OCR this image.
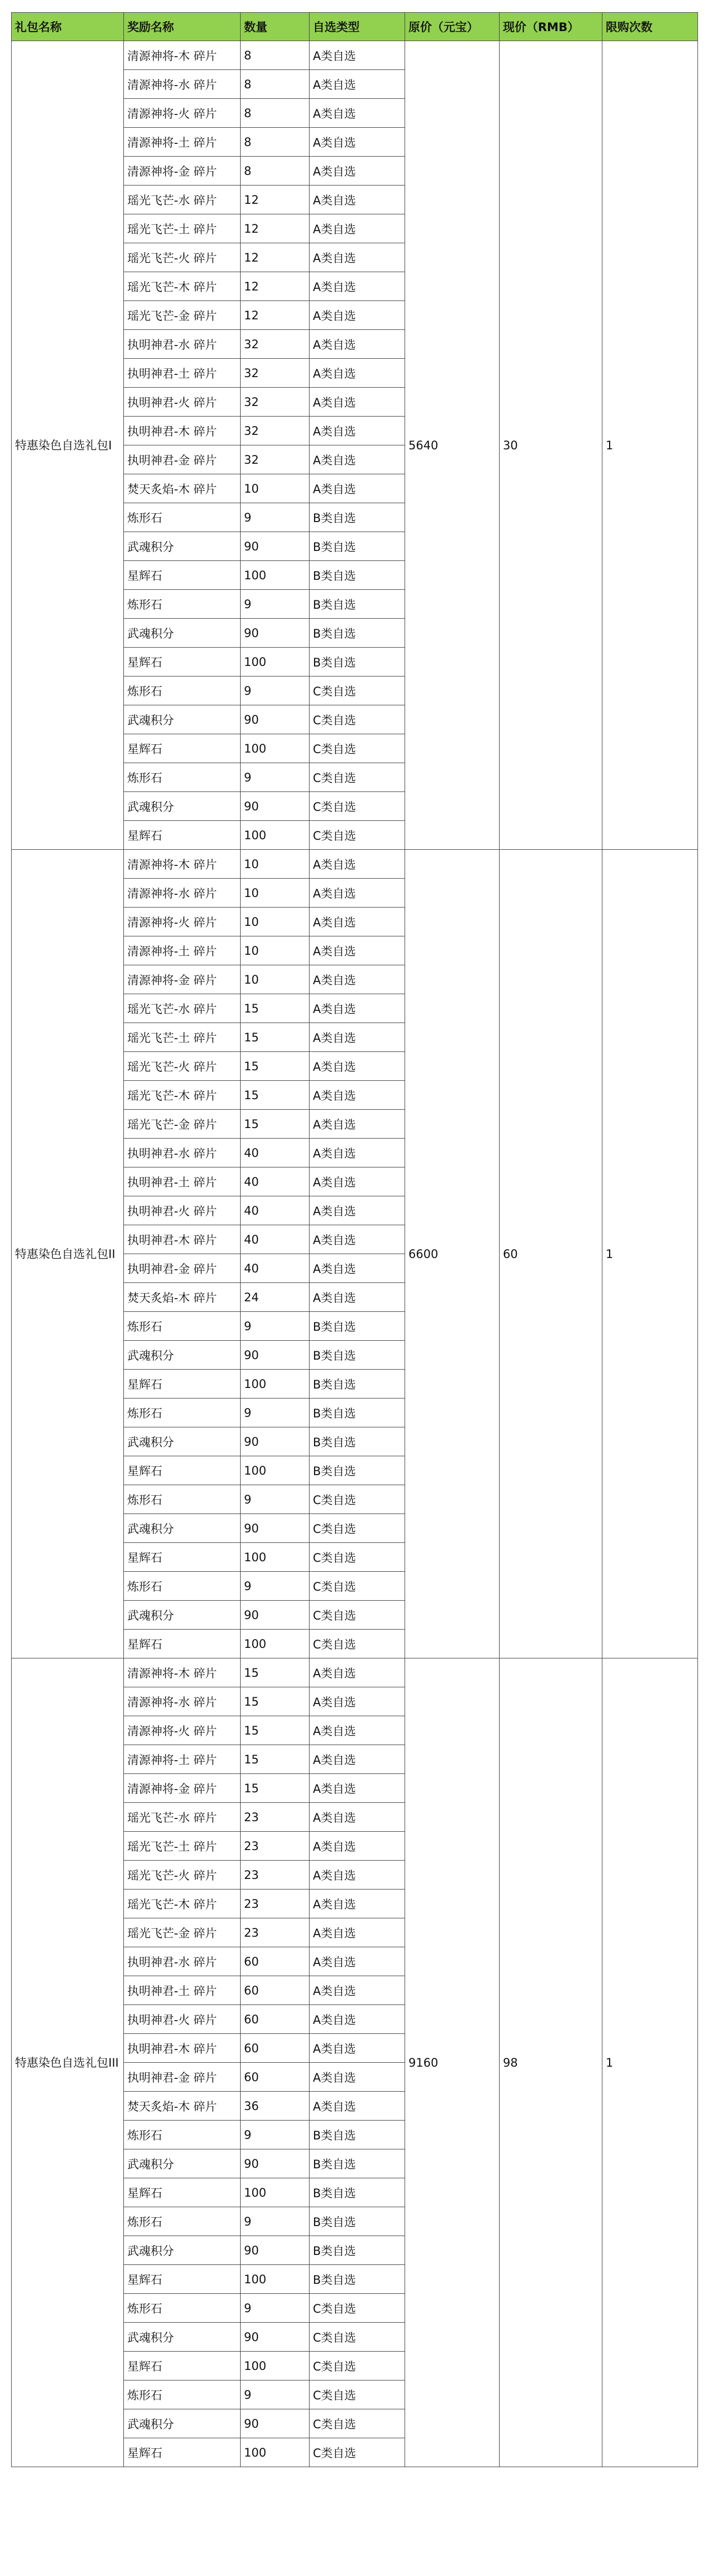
礼包名称	奖励名称	数量	自选类型	原价（元宝）	现价（RMB）	限购次数
特惠染色自选礼包I	清源神将-木 碎片	8	A类自选	5640	30	1
	清源神将-水 碎片	8	A类自选			
	清源神将-火 碎片	8	A类自选			
	清源神将-土 碎片	8	A类自选			
	清源神将-金 碎片	8	A类自选			
	瑶光飞芒-水 碎片	12	A类自选			
	瑶光飞芒-土 碎片	12	A类自选			
	瑶光飞芒-火 碎片	12	A类自选			
	瑶光飞芒-木 碎片	12	A类自选			
	瑶光飞芒-金 碎片	12	A类自选			
	执明神君-水 碎片	32	A类自选			
	执明神君-土 碎片	32	A类自选			
	执明神君-火 碎片	32	A类自选			
	执明神君-木 碎片	32	A类自选			
	执明神君-金 碎片	32	A类自选			
	焚天炙焰-木 碎片	10	A类自选			
	炼形石	9	B类自选			
	武魂积分	90	B类自选			
	星辉石	100	B类自选			
	炼形石	9	B类自选			
	武魂积分	90	B类自选			
	星辉石	100	B类自选			
	炼形石	9	C类自选			
	武魂积分	90	C类自选			
	星辉石	100	C类自选			
	炼形石	9	C类自选			
	武魂积分	90	C类自选			
	星辉石	100	C类自选			
特惠染色自选礼包II	清源神将-木 碎片	10	A类自选	6600	60	1
	清源神将-水 碎片	10	A类自选			
	清源神将-火 碎片	10	A类自选			
	清源神将-土 碎片	10	A类自选			
	清源神将-金 碎片	10	A类自选			
	瑶光飞芒-水 碎片	15	A类自选			
	瑶光飞芒-土 碎片	15	A类自选			
	瑶光飞芒-火 碎片	15	A类自选			
	瑶光飞芒-木 碎片	15	A类自选			
	瑶光飞芒-金 碎片	15	A类自选			
	执明神君-水 碎片	40	A类自选			
	执明神君-土 碎片	40	A类自选			
	执明神君-火 碎片	40	A类自选			
	执明神君-木 碎片	40	A类自选			
	执明神君-金 碎片	40	A类自选			
	焚天炙焰-木 碎片	24	A类自选			
	炼形石	9	B类自选			
	武魂积分	90	B类自选			
	星辉石	100	B类自选			
	炼形石	9	B类自选			
	武魂积分	90	B类自选			
	星辉石	100	B类自选			
	炼形石	9	C类自选			
	武魂积分	90	C类自选			
	星辉石	100	C类自选			
	炼形石	9	C类自选			
	武魂积分	90	C类自选			
	星辉石	100	C类自选			
特惠染色自选礼包III	清源神将-木 碎片	15	A类自选	9160	98	1
	清源神将-水 碎片	15	A类自选			
	清源神将-火 碎片	15	A类自选			
	清源神将-土 碎片	15	A类自选			
	清源神将-金 碎片	15	A类自选			
	瑶光飞芒-水 碎片	23	A类自选			
	瑶光飞芒-土 碎片	23	A类自选			
	瑶光飞芒-火 碎片	23	A类自选			
	瑶光飞芒-木 碎片	23	A类自选			
	瑶光飞芒-金 碎片	23	A类自选			
	执明神君-水 碎片	60	A类自选			
	执明神君-土 碎片	60	A类自选			
	执明神君-火 碎片	60	A类自选			
	执明神君-木 碎片	60	A类自选			
	执明神君-金 碎片	60	A类自选			
	焚天炙焰-木 碎片	36	A类自选			
	炼形石	9	B类自选			
	武魂积分	90	B类自选			
	星辉石	100	B类自选			
	炼形石	9	B类自选			
	武魂积分	90	B类自选			
	星辉石	100	B类自选			
	炼形石	9	C类自选			
	武魂积分	90	C类自选			
	星辉石	100	C类自选			
	炼形石	9	C类自选			
	武魂积分	90	C类自选			
	星辉石	100	C类自选			
